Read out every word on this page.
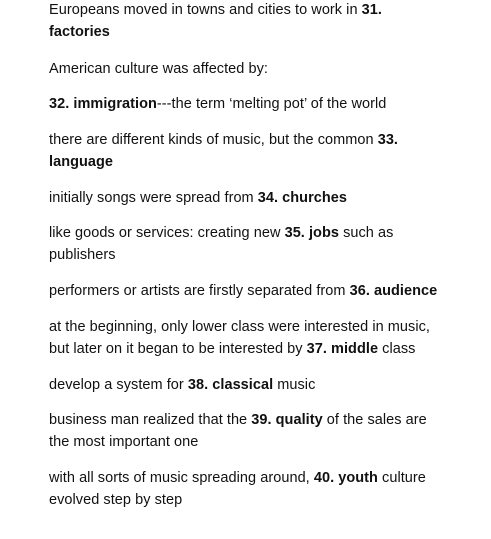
Europeans moved in towns and cities to work in 31.
factories
American culture was affected by:
32. immigration---the term ‘melting pot’ of the world
there are different kinds of music, but the common 33.
language
initially songs were spread from 34. churches
like goods or services: creating new 35. jobs such as
publishers
performers or artists are firstly separated from 36. audience
at the beginning, only lower class were interested in music,
but later on it began to be interested by 37. middle class
develop a system for 38. classical music
business man realized that the 39. quality of the sales are
the most important one
with all sorts of music spreading around, 40. youth culture
evolved step by step
